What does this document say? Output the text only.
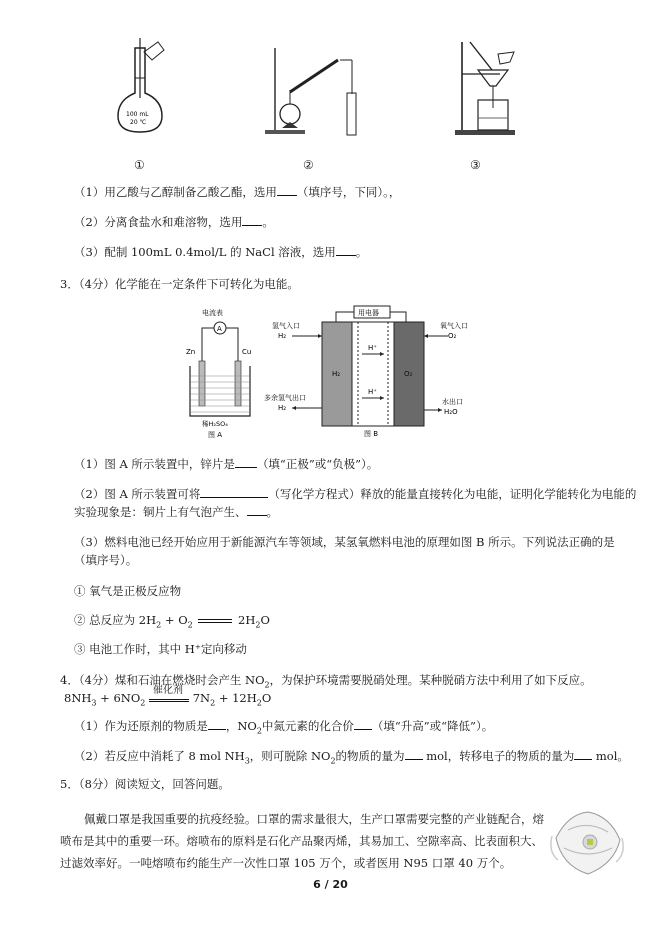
100 mL
20 ℃
①	②	③
（1）用乙酸与乙醇制备乙酸乙酯，选用 （填序号，下同）。，
（2）分离食盐水和难溶物，选用 。
（3）配制 100mL 0.4mol/L 的 NaCl 溶液，选用 。
3．（4分）化学能在一定条件下可转化为电能。
电流表
A
Zn	Cu
稀H₂SO₄
图 A
用电器
H₂	O₂
H⁺
H⁺
氢气入口
H₂
氧气入口
O₂
多余氢气出口
H₂
水出口
H₂O
图 B
（1）图 A 所示装置中，锌片是 （填“正极”或“负极”）。
（2）图 A 所示装置可将	（写化学方程式）释放的能量直接转化为电能，证明化学能转化为电能的
实验现象是：铜片上有气泡产生、 。
（3）燃料电池已经开始应用于新能源汽车等领域，某氢氧燃料电池的原理如图 B 所示。下列说法正确的是
（填序号）。
① 氧气是正极反应物
② 总反应为 $2H_2 + O_2$	$2H_2O$
③ 电池工作时，其中 H⁺定向移动
4．（4分）煤和石油在燃烧时会产生 $NO_2$，为保护环境需要脱硝处理。某种脱硝方法中利用了如下反应。
$8NH_3 + 6NO_2$
催化剂
$7N_2 + 12H_2O$
（1）作为还原剂的物质是 ，$NO_2$中氮元素的化合价 （填“升高”或“降低”）。
（2）若反应中消耗了 8 mol $NH_3$，则可脱除 $NO_2$的物质的量为 mol，转移电子的物质的量为 mol。
5．（8分）阅读短文，回答问题。
佩戴口罩是我国重要的抗疫经验。口罩的需求量很大，生产口罩需要完整的产业链配合，熔
喷布是其中的重要一环。熔喷布的原料是石化产品聚丙烯，其易加工、空隙率高、比表面积大、
过滤效率好。一吨熔喷布约能生产一次性口罩 105 万个，或者医用 N95 口罩 40 万个。
6 / 20
